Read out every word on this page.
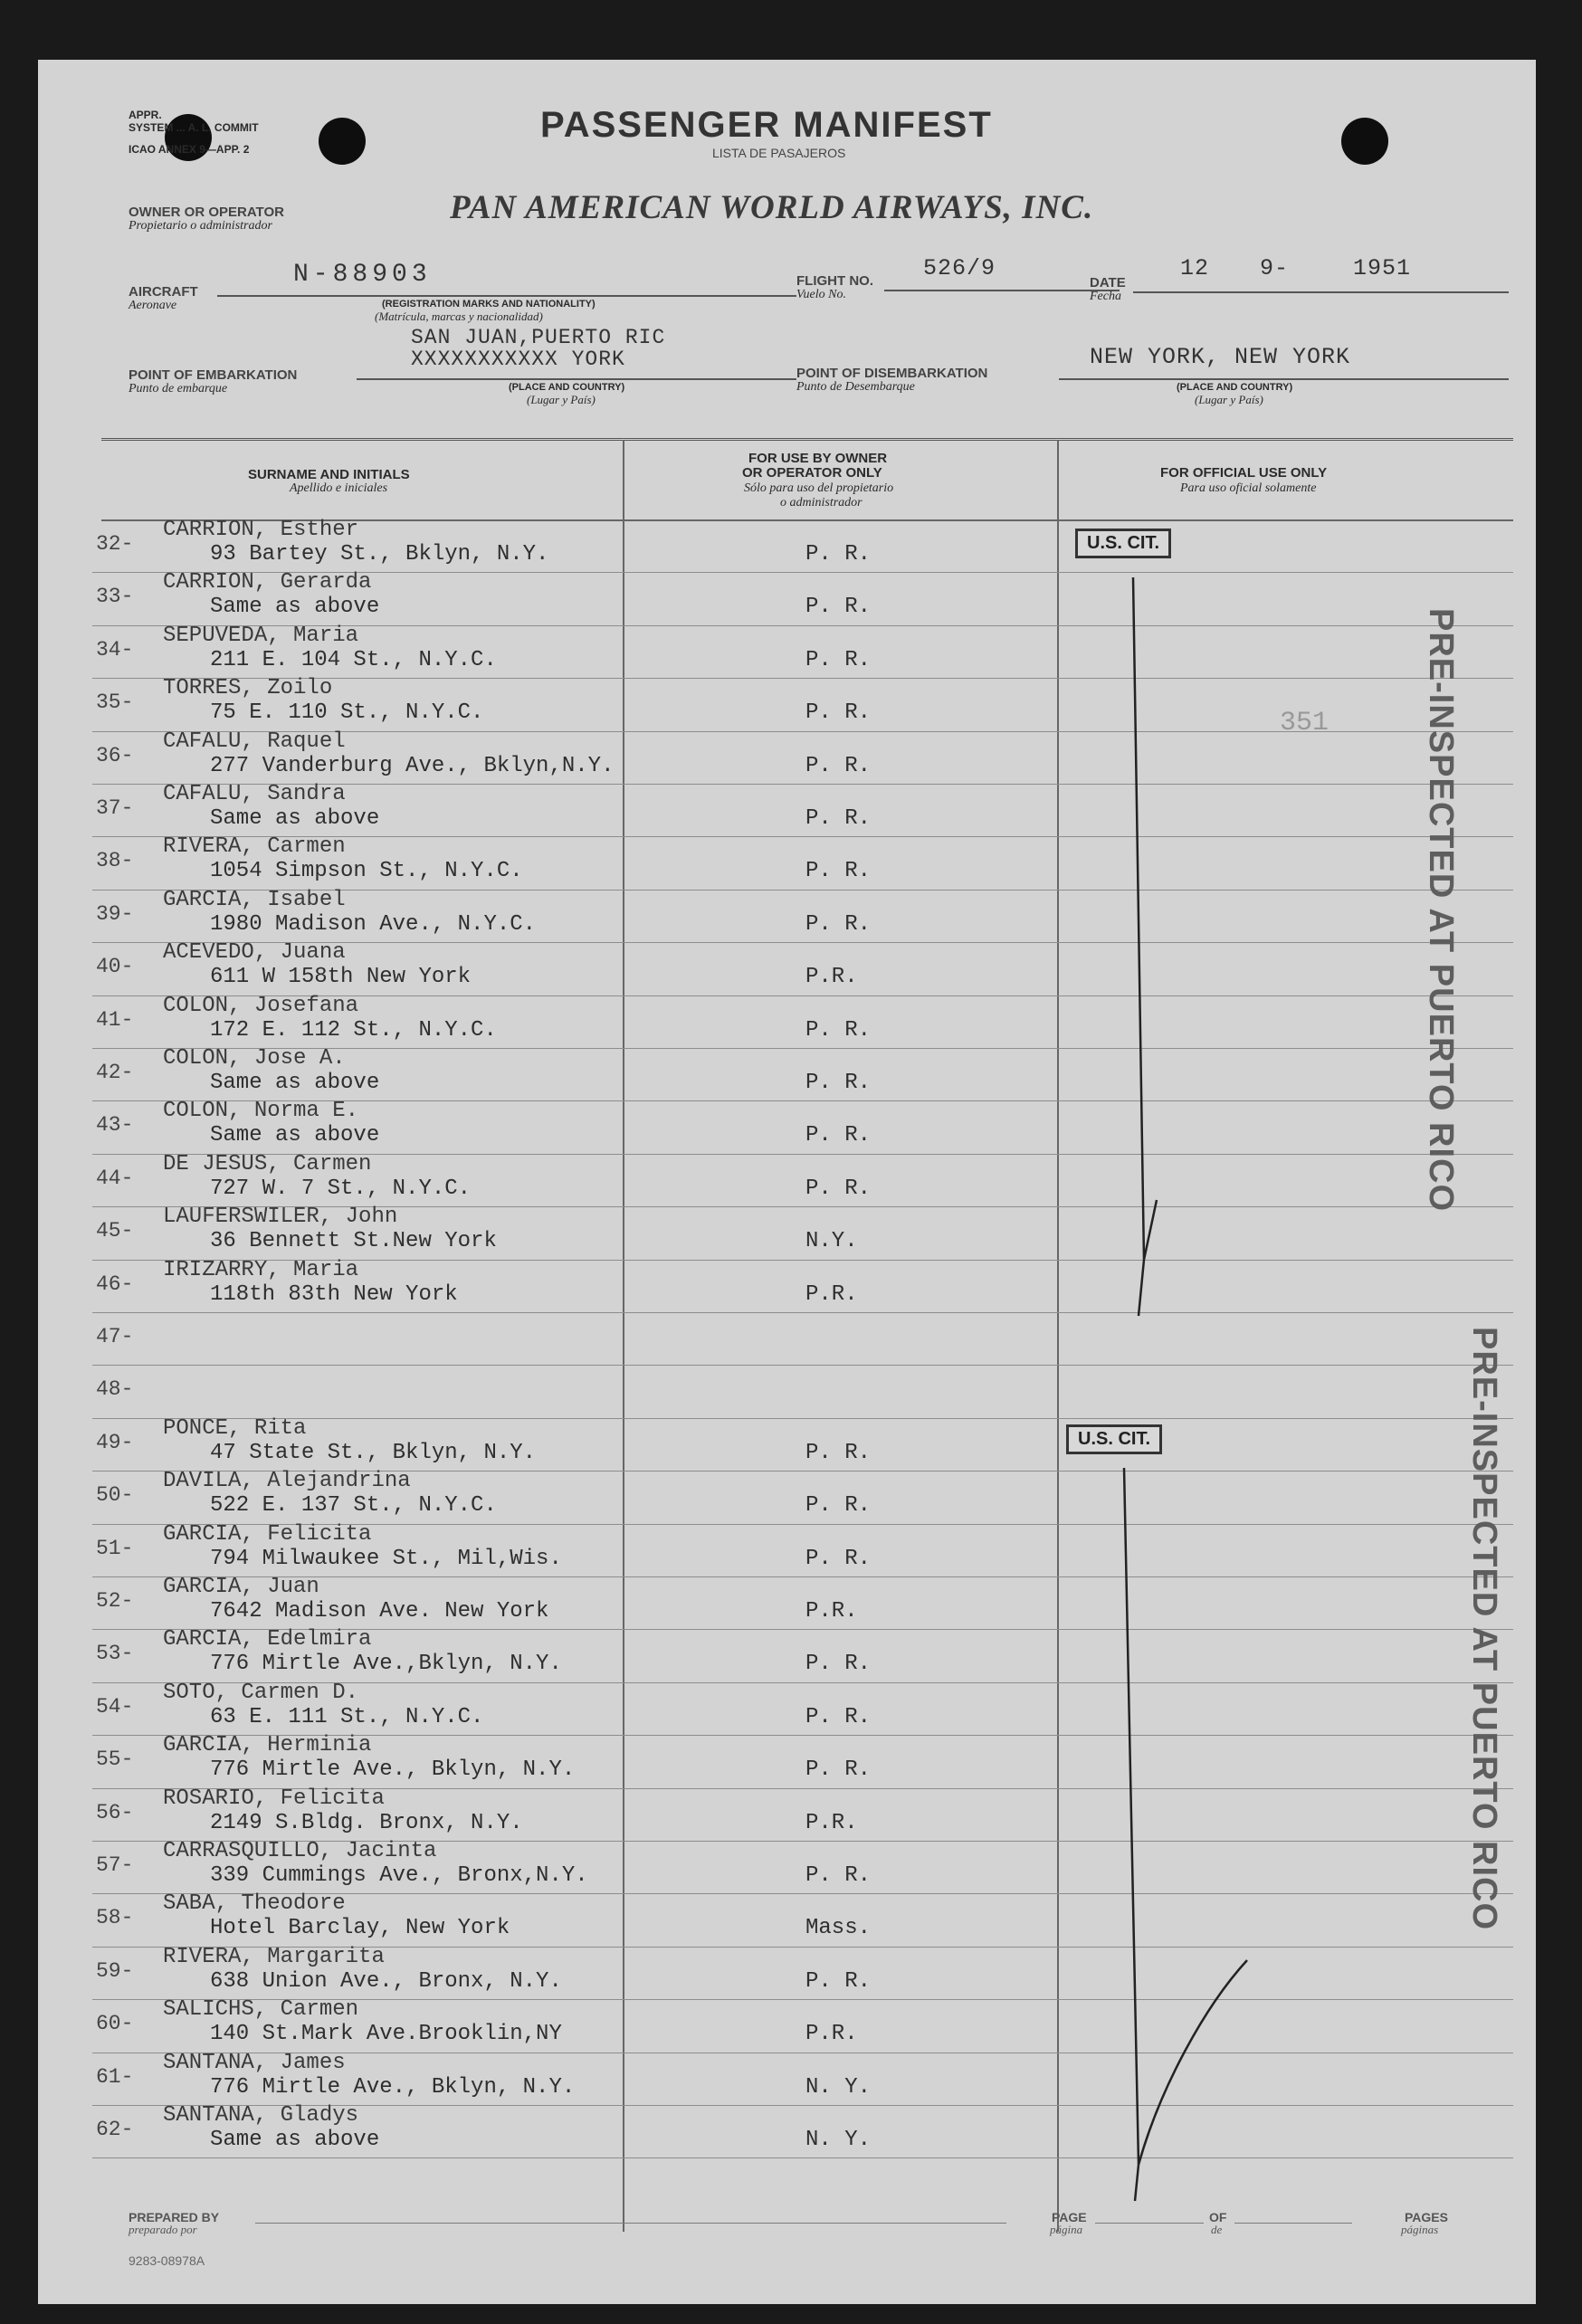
APPR.
SYSTEM ... A. L. COMMIT
ICAO ANNEX 9—APP. 2
PASSENGER MANIFEST
LISTA DE PASAJEROS
OWNER OR OPERATOR
Propietario o administrador	PAN AMERICAN WORLD AIRWAYS, INC.
AIRCRAFT
Aeronave
N-88903
(REGISTRATION MARKS AND NATIONALITY)
(Matrícula, marcas y nacionalidad)
FLIGHT NO.
Vuelo No.
526/9
DATE
Fecha
12 9-	1951
SAN JUAN,PUERTO RIC
XXXXXXXXXXX YORK
POINT OF EMBARKATION
Punto de embarque	(PLACE AND COUNTRY)
(Lugar y País)
POINT OF DISEMBARKATION
Punto de Desembarque
NEW YORK, NEW YORK
(PLACE AND COUNTRY)
(Lugar y País)
SURNAME AND INITIALS
Apellido e iniciales
FOR USE BY OWNER
OR OPERATOR ONLY
Sólo para uso del propietario
o administrador
FOR OFFICIAL USE ONLY
Para uso oficial solamente
32-
CARRION, Esther
93 Bartey St., Bklyn, N.Y.	P. R.
33-
CARRION, Gerarda
Same as above	P. R.
34-
SEPUVEDA, Maria
211 E. 104 St., N.Y.C.	P. R.
35-
TORRES, Zoilo
75 E. 110 St., N.Y.C.	P. R.
36-
CAFALU, Raquel
277 Vanderburg Ave., Bklyn,N.Y.	P. R.
37-
CAFALU, Sandra
Same as above	P. R.
38-
RIVERA, Carmen
1054 Simpson St., N.Y.C.	P. R.
39-
GARCIA, Isabel
1980 Madison Ave., N.Y.C.	P. R.
40-
ACEVEDO, Juana
611 W 158th New York	P.R.
41-
COLON, Josefana
172 E. 112 St., N.Y.C.	P. R.
42-
COLON, Jose A.
Same as above	P. R.
43-
COLON, Norma E.
Same as above	P. R.
44-
DE JESUS, Carmen
727 W. 7 St., N.Y.C.	P. R.
45-
LAUFERSWILER, John
36 Bennett St.New York	N.Y.
46-
IRIZARRY, Maria
118th 83th New York	P.R.
47-
48-
49-
PONCE, Rita
47 State St., Bklyn, N.Y.	P. R.
50-
DAVILA, Alejandrina
522 E. 137 St., N.Y.C.	P. R.
51-
GARCIA, Felicita
794 Milwaukee St., Mil,Wis.	P. R.
52-
GARCIA, Juan
7642 Madison Ave. New York	P.R.
53-
GARCIA, Edelmira
776 Mirtle Ave.,Bklyn, N.Y.	P. R.
54-
SOTO, Carmen D.
63 E. 111 St., N.Y.C.	P. R.
55-
GARCIA, Herminia
776 Mirtle Ave., Bklyn, N.Y.	P. R.
56-
ROSARIO, Felicita
2149 S.Bldg. Bronx, N.Y.	P.R.
57-
CARRASQUILLO, Jacinta
339 Cummings Ave., Bronx,N.Y.	P. R.
58-
SABA, Theodore
Hotel Barclay, New York	Mass.
59-
RIVERA, Margarita
638 Union Ave., Bronx, N.Y.	P. R.
60-
SALICHS, Carmen
140 St.Mark Ave.Brooklin,NY	P.R.
61-
SANTANA, James
776 Mirtle Ave., Bklyn, N.Y.	N. Y.
62-
SANTANA, Gladys
Same as above	N. Y.
U.S. CIT.
U.S. CIT.
351	PRE-INSPECTED AT PUERTO RICO
PRE-INSPECTED AT PUERTO RICO
PREPARED BY
preparado por
PAGE
página
OF
de
PAGES
páginas
9283-08978A
